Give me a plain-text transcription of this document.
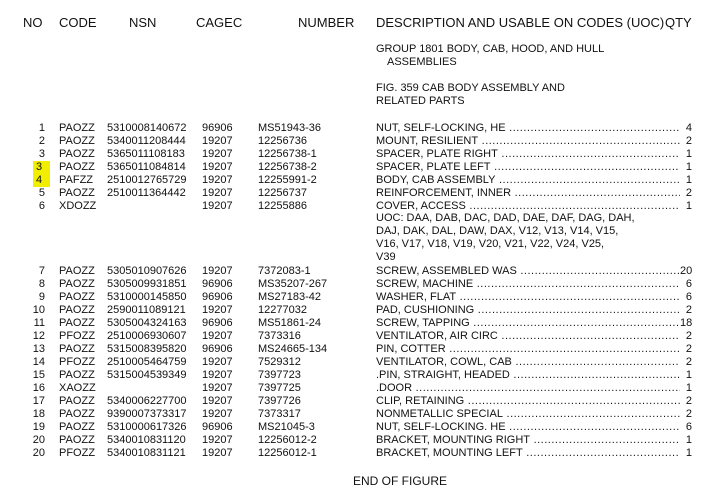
NO CODE NSN	CAGEC	NUMBER DESCRIPTION AND USABLE ON CODES (UOC) QTY
GROUP 1801 BODY, CAB, HOOD, AND HULL
ASSEMBLIES
FIG. 359 CAB BODY ASSEMBLY AND
RELATED PARTS
1 PAOZZ 5310008140672 96906 MS51943-36	NUT, SELF-LOCKING, HE .....	4
2 PAOZZ 5340011208444 19207 12256736	MOUNT, RESILIENT .....	2
3 PAOZZ 5365011108183 19207 12256738-1	SPACER, PLATE RIGHT .....	1
3	PAOZZ 5365011084814 19207 12256738-2	SPACER, PLATE LEFT .....	1
4	PAFZZ 2510012765729 19207 12255991-2	BODY, CAB ASSEMBLY .....	1
5 PAOZZ 2510011364442 19207 12256737	REINFORCEMENT, INNER .....	2
6 XDOZZ	19207 12255886	COVER, ACCESS .....	1
7 PAOZZ 5305010907626 19207 7372083-1	SCREW, ASSEMBLED WAS .....	20
8 PAOZZ 5305009931851 96906 MS35207-267	SCREW, MACHINE .....	6
9 PAOZZ 5310000145850 96906 MS27183-42	WASHER, FLAT .....	6
10 PAOZZ 2590011089121 19207 12277032	PAD, CUSHIONING .....	2
11 PAOZZ 5305004324163 96906 MS51861-24	SCREW, TAPPING .....	18
12 PFOZZ 2510006930607 19207 7373316	VENTILATOR, AIR CIRC .....	2
13 PAOZZ 5315008395820 96906 MS24665-134	PIN, COTTER .....	2
14 PFOZZ 2510005464759 19207 7529312	VENTILATOR, COWL, CAB .....	2
15 PAOZZ 5315004539349 19207 7397723	.PIN, STRAIGHT, HEADED .....	1
16 XAOZZ	19207 7397725	.DOOR .....	1
17 PAOZZ 5340006227700 19207 7397726	CLIP, RETAINING .....	2
18 PAOZZ 9390007373317 19207 7373317	NONMETALLIC SPECIAL .....	2
19 PAOZZ 5310000617326 96906 MS21045-3	NUT, SELF-LOCKING. HE .....	6
20 PAOZZ 5340010831120 19207 12256012-2	BRACKET, MOUNTING RIGHT .....	1
20 PFOZZ 5340010831121 19207 12256012-1	BRACKET, MOUNTING LEFT .....	1
UOC: DAA, DAB, DAC, DAD, DAE, DAF, DAG, DAH,
DAJ, DAK, DAL, DAW, DAX, V12, V13, V14, V15,
V16, V17, V18, V19, V20, V21, V22, V24, V25,
V39
END OF FIGURE
